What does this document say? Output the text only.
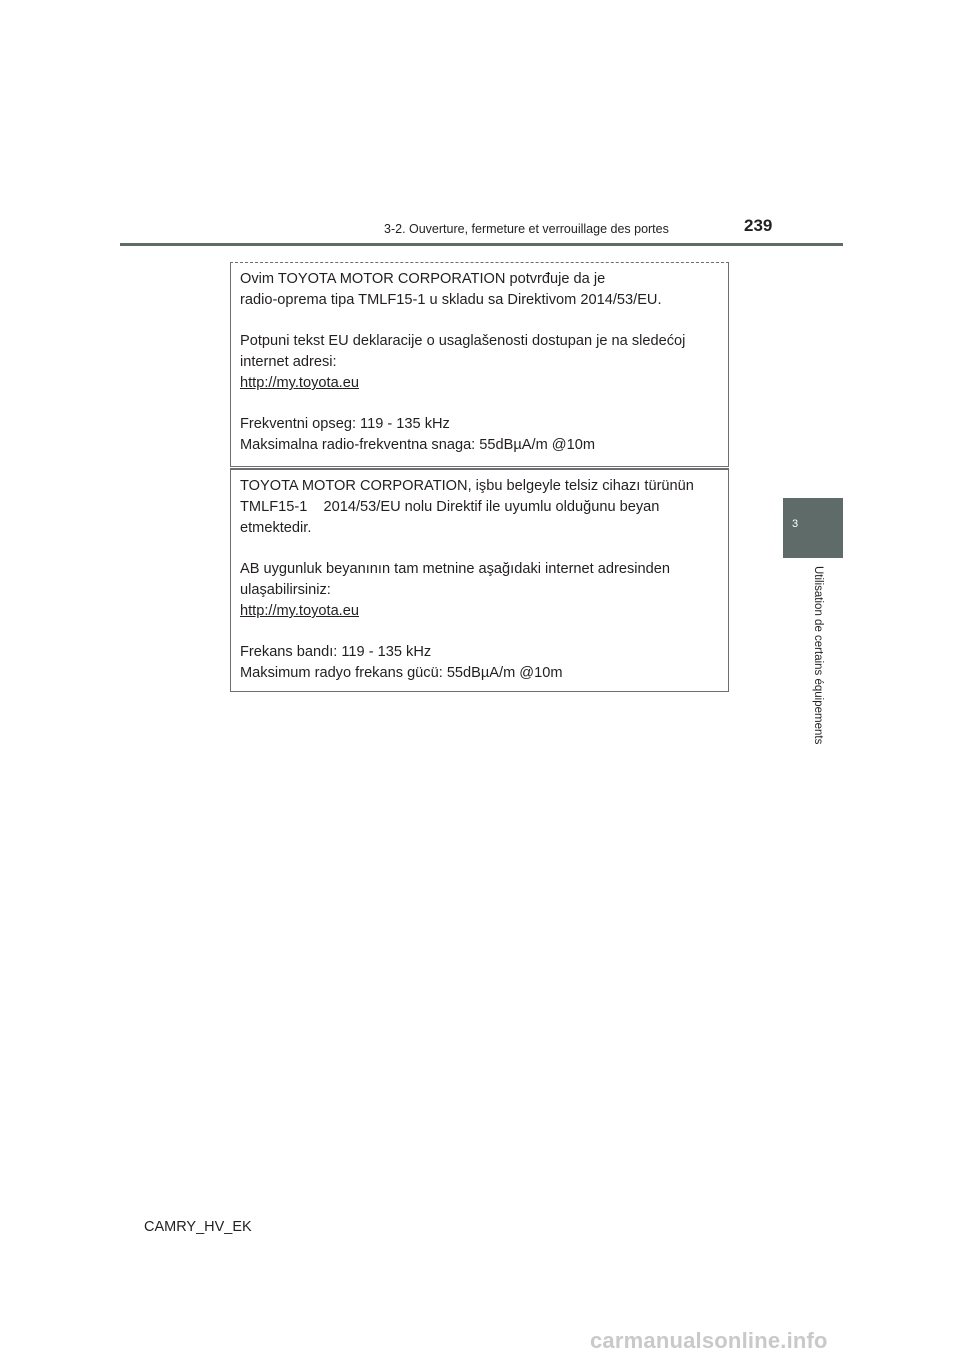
3-2. Ouverture, fermeture et verrouillage des portes	239
3
Utilisation de certains équipements

Ovim TOYOTA MOTOR CORPORATION potvrđuje da je

radio-oprema tipa TMLF15-1 u skladu sa Direktivom 2014/53/EU.

Potpuni tekst EU deklaracije o usaglašenosti dostupan je na sledećoj

internet adresi:

http://my.toyota.eu

Frekventni opseg: 119 - 135 kHz

Maksimalna radio-frekventna snaga: 55dBµA/m @10m

TOYOTA MOTOR CORPORATION, işbu belgeyle telsiz cihazı türünün

TMLF15-1    2014/53/EU nolu Direktif ile uyumlu olduğunu beyan

etmektedir.

AB uygunluk beyanının tam metnine aşağıdaki internet adresinden

ulaşabilirsiniz:

http://my.toyota.eu

Frekans bandı: 119 - 135 kHz

Maksimum radyo frekans gücü: 55dBµA/m @10m

CAMRY_HV_EK
carmanualsonline.info
